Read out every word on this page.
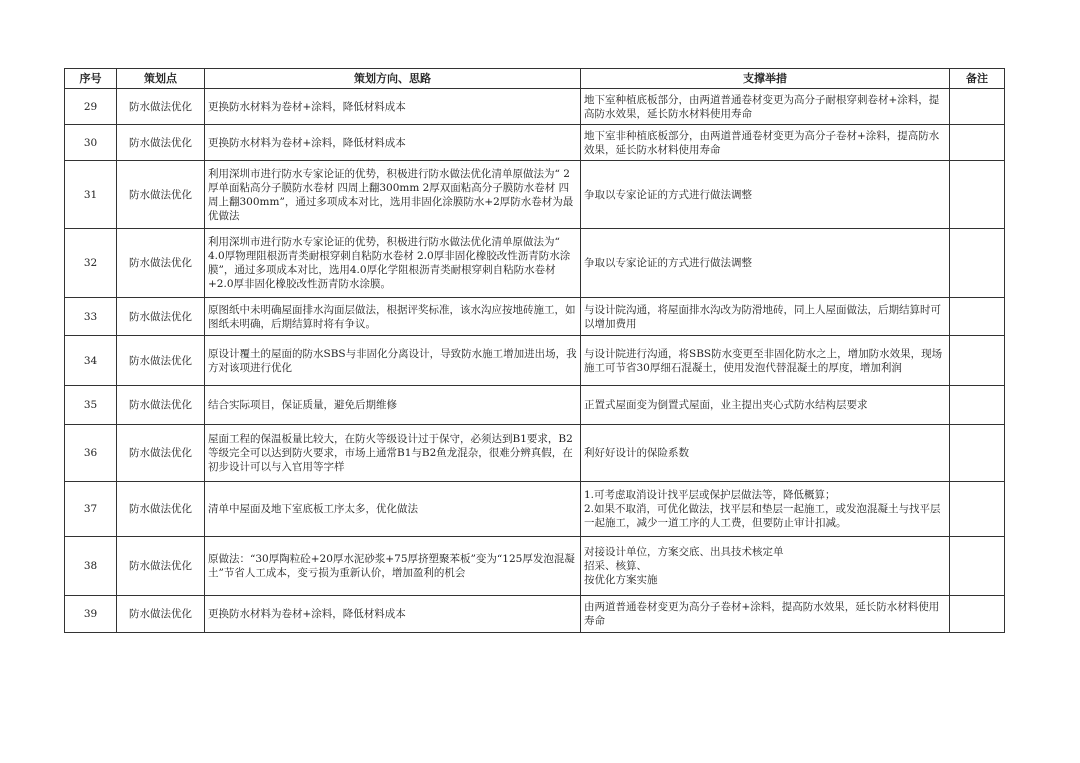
序号	策划点	策划方向、思路	支撑举措	备注
29	防水做法优化	更换防水材料为卷材+涂料，降低材料成本	地下室种植底板部分，由两道普通卷材变更为高分子耐根穿刺卷材+涂料，提高防水效果，延长防水材料使用寿命	
30	防水做法优化	更换防水材料为卷材+涂料，降低材料成本	地下室非种植底板部分，由两道普通卷材变更为高分子卷材+涂料，提高防水效果，延长防水材料使用寿命	
31	防水做法优化	利用深圳市进行防水专家论证的优势，积极进行防水做法优化清单原做法为“ 2厚单面粘高分子膜防水卷材 四周上翻300mm 2厚双面粘高分子膜防水卷材 四周上翻300mm”，通过多项成本对比，选用非固化涂膜防水+2厚防水卷材为最优做法	争取以专家论证的方式进行做法调整	
32	防水做法优化	利用深圳市进行防水专家论证的优势，积极进行防水做法优化清单原做法为“ 4.0厚物理阻根沥青类耐根穿刺自粘防水卷材 2.0厚非固化橡胶改性沥青防水涂膜”，通过多项成本对比，选用4.0厚化学阻根沥青类耐根穿刺自粘防水卷材+2.0厚非固化橡胶改性沥青防水涂膜。	争取以专家论证的方式进行做法调整	
33	防水做法优化	原图纸中未明确屋面排水沟面层做法，根据评奖标准，该水沟应按地砖施工，如图纸未明确，后期结算时将有争议。	与设计院沟通，将屋面排水沟改为防滑地砖，同上人屋面做法，后期结算时可以增加费用	
34	防水做法优化	原设计覆土的屋面的防水SBS与非固化分离设计，导致防水施工增加进出场，我方对该项进行优化	与设计院进行沟通，将SBS防水变更至非固化防水之上，增加防水效果，现场施工可节省30厚细石混凝土，使用发泡代替混凝土的厚度，增加利润	
35	防水做法优化	结合实际项目，保证质量，避免后期维修	正置式屋面变为倒置式屋面，业主提出夹心式防水结构层要求	
36	防水做法优化	屋面工程的保温板量比较大，在防火等级设计过于保守，必须达到B1要求，B2等级完全可以达到防火要求，市场上通常B1与B2鱼龙混杂，很难分辨真假，在初步设计可以与入官用等字样	利好好设计的保险系数	
37	防水做法优化	清单中屋面及地下室底板工序太多，优化做法	1.可考虑取消设计找平层或保护层做法等，降低概算；
2.如果不取消，可优化做法，找平层和垫层一起施工，或发泡混凝土与找平层一起施工，减少一道工序的人工费，但要防止审计扣减。	
38	防水做法优化	原做法：“30厚陶粒砼+20厚水泥砂浆+75厚挤塑聚苯板”变为“125厚发泡混凝土”节省人工成本，变亏损为重新认价，增加盈利的机会	对接设计单位，方案交底、出具技术核定单
招采、核算、
按优化方案实施	
39	防水做法优化	更换防水材料为卷材+涂料，降低材料成本	由两道普通卷材变更为高分子卷材+涂料，提高防水效果，延长防水材料使用寿命	
